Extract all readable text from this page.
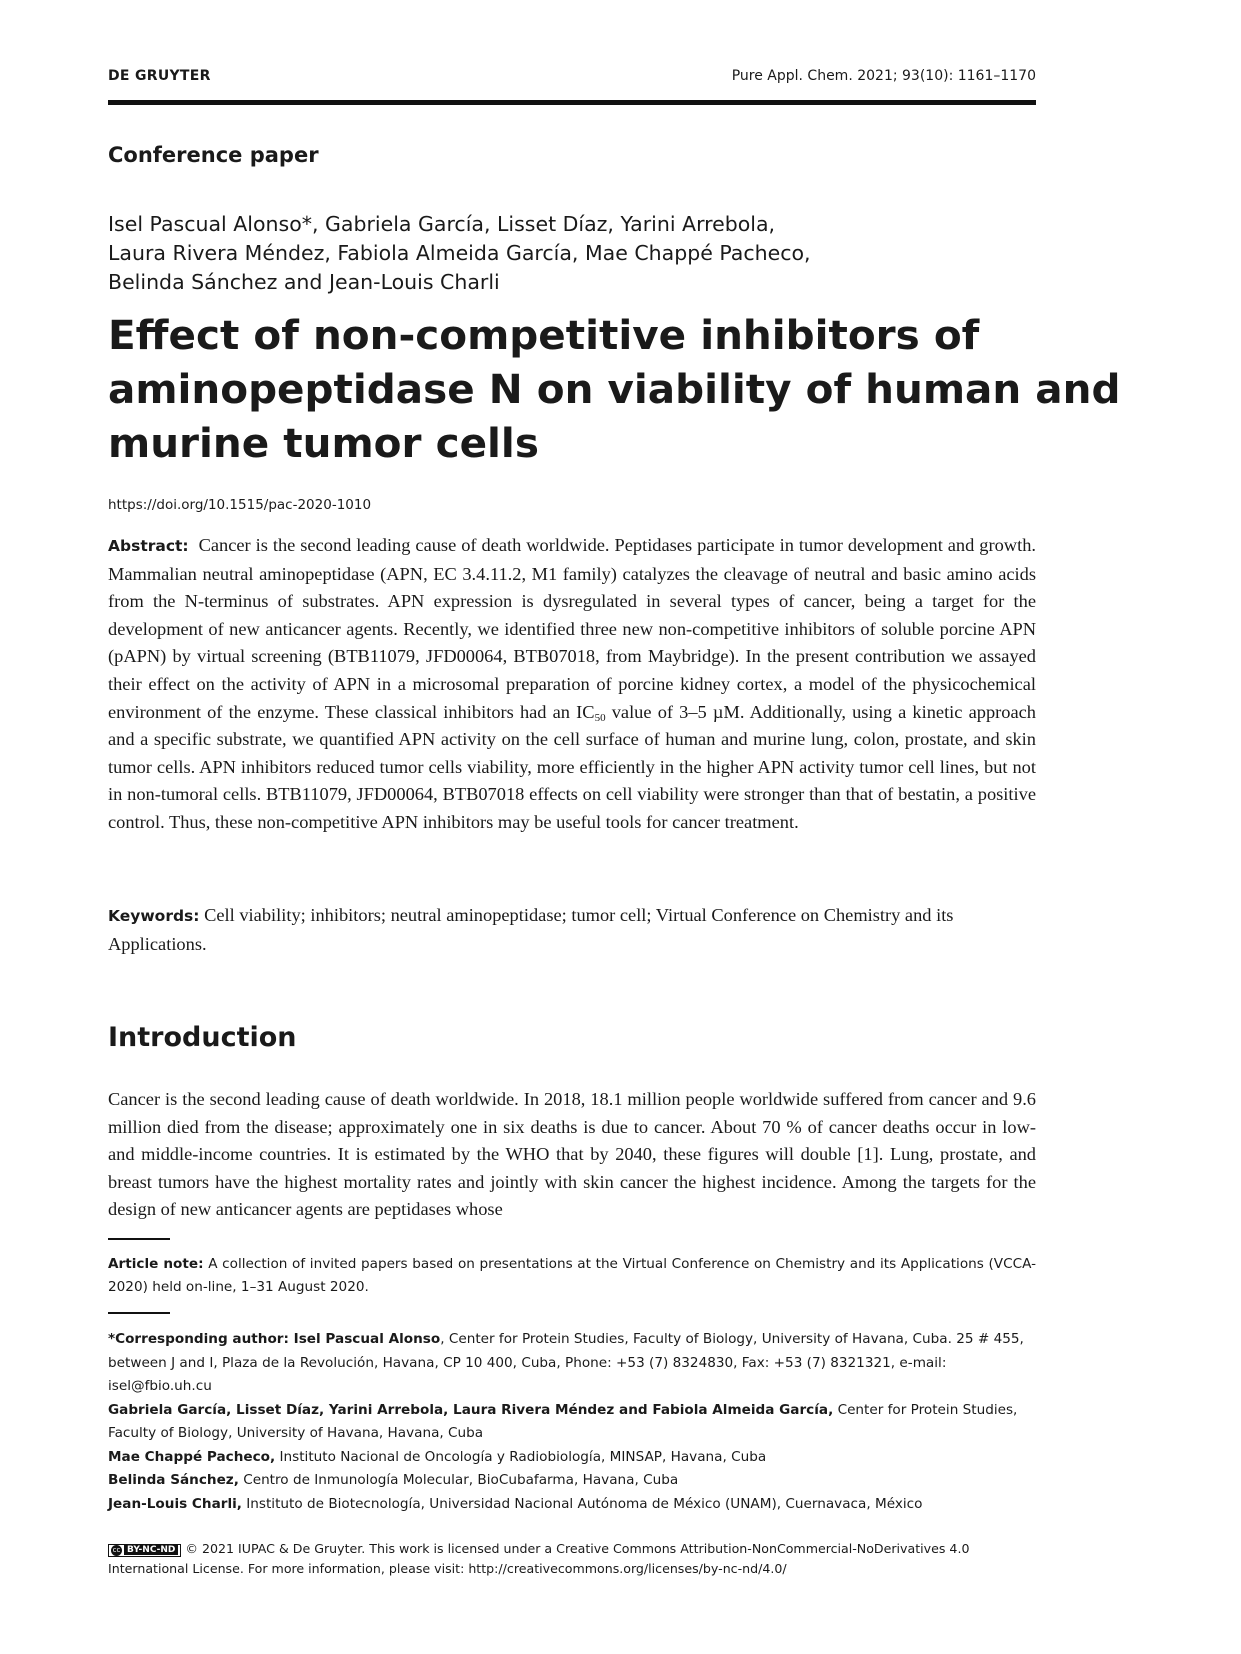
DE GRUYTER	Pure Appl. Chem. 2021; 93(10): 1161–1170
Conference paper
Isel Pascual Alonso*, Gabriela García, Lisset Díaz, Yarini Arrebola,
Laura Rivera Méndez, Fabiola Almeida García, Mae Chappé Pacheco,
Belinda Sánchez and Jean-Louis Charli
Effect of non-competitive inhibitors of
aminopeptidase N on viability of human and
murine tumor cells
https://doi.org/10.1515/pac-2020-1010
Abstract: Cancer is the second leading cause of death worldwide. Peptidases participate in tumor development and growth. Mammalian neutral aminopeptidase (APN, EC 3.4.11.2, M1 family) catalyzes the cleavage of neutral and basic amino acids from the N-terminus of substrates. APN expression is dysregulated in several types of cancer, being a target for the development of new anticancer agents. Recently, we identified three new non-competitive inhibitors of soluble porcine APN (pAPN) by virtual screening (BTB11079, JFD00064, BTB07018, from Maybridge). In the present contribution we assayed their effect on the activity of APN in a microsomal preparation of porcine kidney cortex, a model of the physicochemical environment of the enzyme. These classical inhibitors had an $IC_{50}$ value of 3–5 µM. Additionally, using a kinetic approach and a specific substrate, we quantified APN activity on the cell surface of human and murine lung, colon, prostate, and skin tumor cells. APN inhibitors reduced tumor cells viability, more efficiently in the higher APN activity tumor cell lines, but not in non-tumoral cells. BTB11079, JFD00064, BTB07018 effects on cell viability were stronger than that of bestatin, a positive control. Thus, these non-competitive APN inhibitors may be useful tools for cancer treatment.
Keywords: Cell viability; inhibitors; neutral aminopeptidase; tumor cell; Virtual Conference on Chemistry and its Applications.
Introduction
Cancer is the second leading cause of death worldwide. In 2018, 18.1 million people worldwide suffered from cancer and 9.6 million died from the disease; approximately one in six deaths is due to cancer. About 70 % of cancer deaths occur in low- and middle-income countries. It is estimated by the WHO that by 2040, these figures will double [1]. Lung, prostate, and breast tumors have the highest mortality rates and jointly with skin cancer the highest incidence. Among the targets for the design of new anticancer agents are peptidases whose
Article note: A collection of invited papers based on presentations at the Virtual Conference on Chemistry and its Applications (VCCA-2020) held on-line, 1–31 August 2020.

*Corresponding author: Isel Pascual Alonso, Center for Protein Studies, Faculty of Biology, University of Havana, Cuba. 25 # 455, between J and I, Plaza de la Revolución, Havana, CP 10 400, Cuba, Phone: +53 (7) 8324830, Fax: +53 (7) 8321321, e-mail: isel@fbio.uh.cu

Gabriela García, Lisset Díaz, Yarini Arrebola, Laura Rivera Méndez and Fabiola Almeida García, Center for Protein Studies, Faculty of Biology, University of Havana, Havana, Cuba

Mae Chappé Pacheco, Instituto Nacional de Oncología y Radiobiología, MINSAP, Havana, Cuba

Belinda Sánchez, Centro de Inmunología Molecular, BioCubafarma, Havana, Cuba

Jean-Louis Charli, Instituto de Biotecnología, Universidad Nacional Autónoma de México (UNAM), Cuernavaca, México

cc BY-NC-ND © 2021 IUPAC & De Gruyter. This work is licensed under a Creative Commons Attribution-NonCommercial-NoDerivatives 4.0 International License. For more information, please visit: http://creativecommons.org/licenses/by-nc-nd/4.0/
